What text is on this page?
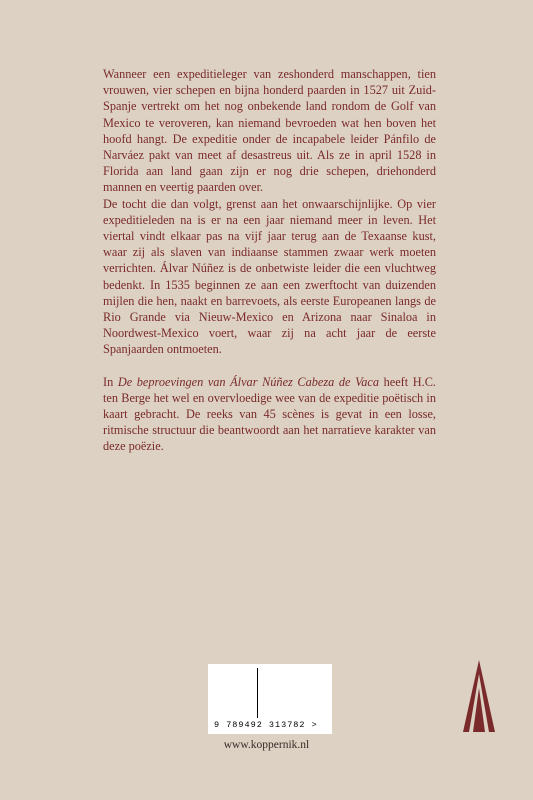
Wanneer een expeditieleger van zeshonderd manschappen, tien vrouwen, vier schepen en bijna honderd paarden in 1527 uit Zuid-Spanje vertrekt om het nog onbekende land rondom de Golf van Mexico te veroveren, kan niemand bevroeden wat hen boven het hoofd hangt. De expeditie onder de incapabele leider Pánfilo de Narváez pakt van meet af desastreus uit. Als ze in april 1528 in Florida aan land gaan zijn er nog drie schepen, driehonderd mannen en veertig paarden over.

De tocht die dan volgt, grenst aan het onwaarschijnlijke. Op vier expeditieleden na is er na een jaar niemand meer in leven. Het viertal vindt elkaar pas na vijf jaar terug aan de Texaanse kust, waar zij als slaven van indiaanse stammen zwaar werk moeten verrichten. Álvar Núñez is de onbetwiste leider die een vluchtweg bedenkt. In 1535 beginnen ze aan een zwerftocht van duizenden mijlen die hen, naakt en barrevoets, als eerste Europeanen langs de Rio Grande via Nieuw-Mexico en Arizona naar Sinaloa in Noordwest-Mexico voert, waar zij na acht jaar de eerste Spanjaarden ontmoeten.

In De beproevingen van Álvar Núñez Cabeza de Vaca heeft H.C. ten Berge het wel en overvloedige wee van de expeditie poëtisch in kaart gebracht. De reeks van 45 scènes is gevat in een losse, ritmische structuur die beantwoordt aan het narratieve karakter van deze poëzie.

9 789492 313782 >
www.koppernik.nl
